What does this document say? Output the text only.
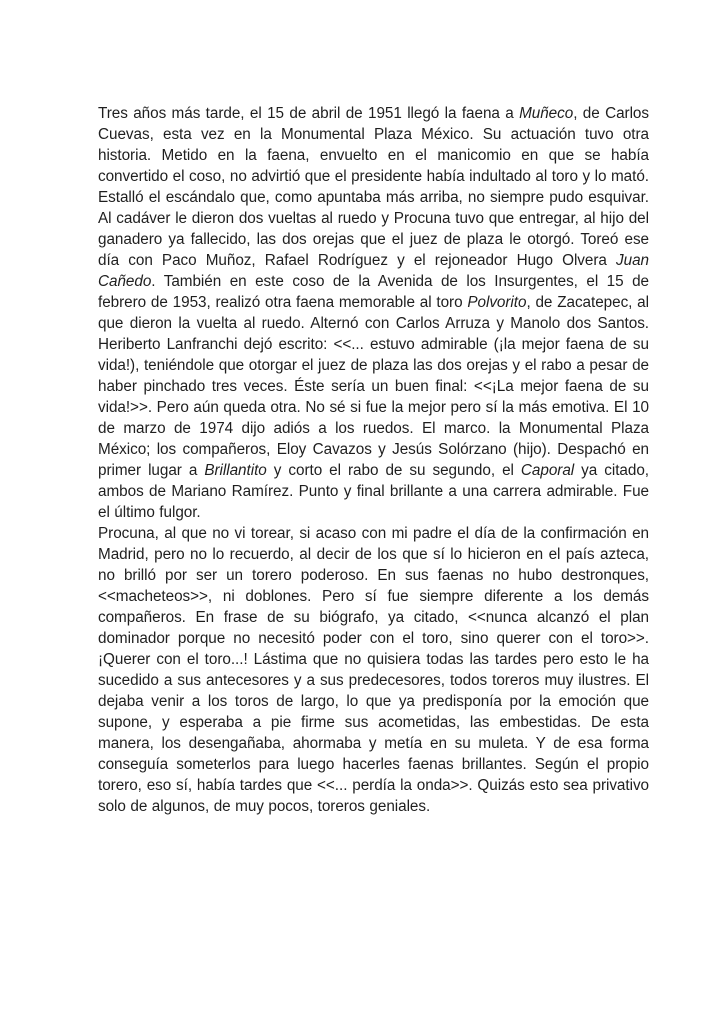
Tres años más tarde, el 15 de abril de 1951 llegó la faena a Muñeco, de Carlos Cuevas, esta vez en la Monumental Plaza México. Su actuación tuvo otra historia. Metido en la faena, envuelto en el manicomio en que se había convertido el coso, no advirtió que el presidente había indultado al toro y lo mató. Estalló el escándalo que, como apuntaba más arriba, no siempre pudo esquivar. Al cadáver le dieron dos vueltas al ruedo y Procuna tuvo que entregar, al hijo del ganadero ya fallecido, las dos orejas que el juez de plaza le otorgó. Toreó ese día con Paco Muñoz, Rafael Rodríguez y el rejoneador Hugo Olvera Juan Cañedo. También en este coso de la Avenida de los Insurgentes, el 15 de febrero de 1953, realizó otra faena memorable al toro Polvorito, de Zacatepec, al que dieron la vuelta al ruedo. Alternó con Carlos Arruza y Manolo dos Santos. Heriberto Lanfranchi dejó escrito: <<... estuvo admirable (¡la mejor faena de su vida!), teniéndole que otorgar el juez de plaza las dos orejas y el rabo a pesar de haber pinchado tres veces. Éste sería un buen final: <<¡La mejor faena de su vida!>>. Pero aún queda otra. No sé si fue la mejor pero sí la más emotiva. El 10 de marzo de 1974 dijo adiós a los ruedos. El marco. la Monumental Plaza México; los compañeros, Eloy Cavazos y Jesús Solórzano (hijo). Despachó en primer lugar a Brillantito y corto el rabo de su segundo, el Caporal ya citado, ambos de Mariano Ramírez. Punto y final brillante a una carrera admirable. Fue el último fulgor.

Procuna, al que no vi torear, si acaso con mi padre el día de la confirmación en Madrid, pero no lo recuerdo, al decir de los que sí lo hicieron en el país azteca, no brilló por ser un torero poderoso. En sus faenas no hubo destronques, <<macheteos>>, ni doblones. Pero sí fue siempre diferente a los demás compañeros. En frase de su biógrafo, ya citado, <<nunca alcanzó el plan dominador porque no necesitó poder con el toro, sino querer con el toro>>. ¡Querer con el toro...! Lástima que no quisiera todas las tardes pero esto le ha sucedido a sus antecesores y a sus predecesores, todos toreros muy ilustres. El dejaba venir a los toros de largo, lo que ya predisponía por la emoción que supone, y esperaba a pie firme sus acometidas, las embestidas. De esta manera, los desengañaba, ahormaba y metía en su muleta. Y de esa forma conseguía someterlos para luego hacerles faenas brillantes. Según el propio torero, eso sí, había tardes que <<... perdía la onda>>. Quizás esto sea privativo solo de algunos, de muy pocos, toreros geniales.
